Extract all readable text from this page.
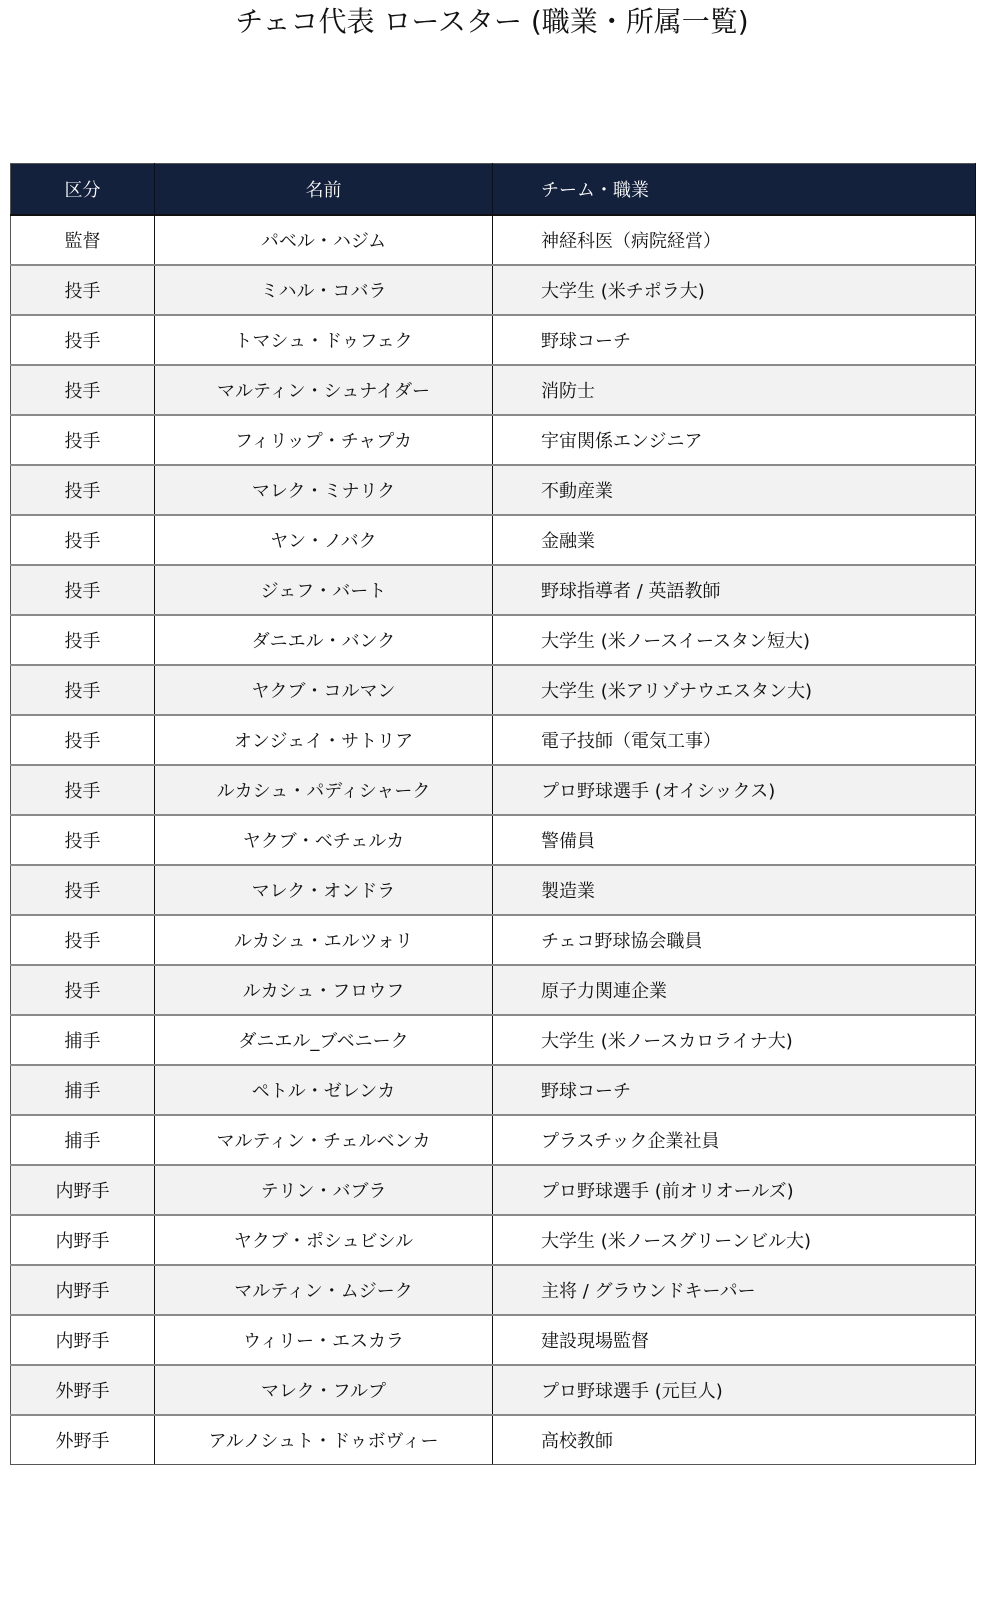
チェコ代表 ロースター (職業・所属一覧)
区分	名前	チーム・職業
監督	パベル・ハジム	神経科医（病院経営）
投手	ミハル・コバラ	大学生 (米チポラ大)
投手	トマシュ・ドゥフェク	野球コーチ
投手	マルティン・シュナイダー	消防士
投手	フィリップ・チャプカ	宇宙関係エンジニア
投手	マレク・ミナリク	不動産業
投手	ヤン・ノバク	金融業
投手	ジェフ・バート	野球指導者 / 英語教師
投手	ダニエル・バンク	大学生 (米ノースイースタン短大)
投手	ヤクブ・コルマン	大学生 (米アリゾナウエスタン大)
投手	オンジェイ・サトリア	電子技師（電気工事）
投手	ルカシュ・パディシャーク	プロ野球選手 (オイシックス)
投手	ヤクブ・ベチェルカ	警備員
投手	マレク・オンドラ	製造業
投手	ルカシュ・エルツォリ	チェコ野球協会職員
投手	ルカシュ・フロウフ	原子力関連企業
捕手	ダニエル_ブベニーク	大学生 (米ノースカロライナ大)
捕手	ペトル・ゼレンカ	野球コーチ
捕手	マルティン・チェルベンカ	プラスチック企業社員
内野手	テリン・バブラ	プロ野球選手 (前オリオールズ)
内野手	ヤクブ・ポシュビシル	大学生 (米ノースグリーンビル大)
内野手	マルティン・ムジーク	主将 / グラウンドキーパー
内野手	ウィリー・エスカラ	建設現場監督
外野手	マレク・フルプ	プロ野球選手 (元巨人)
外野手	アルノシュト・ドゥボヴィー	高校教師
